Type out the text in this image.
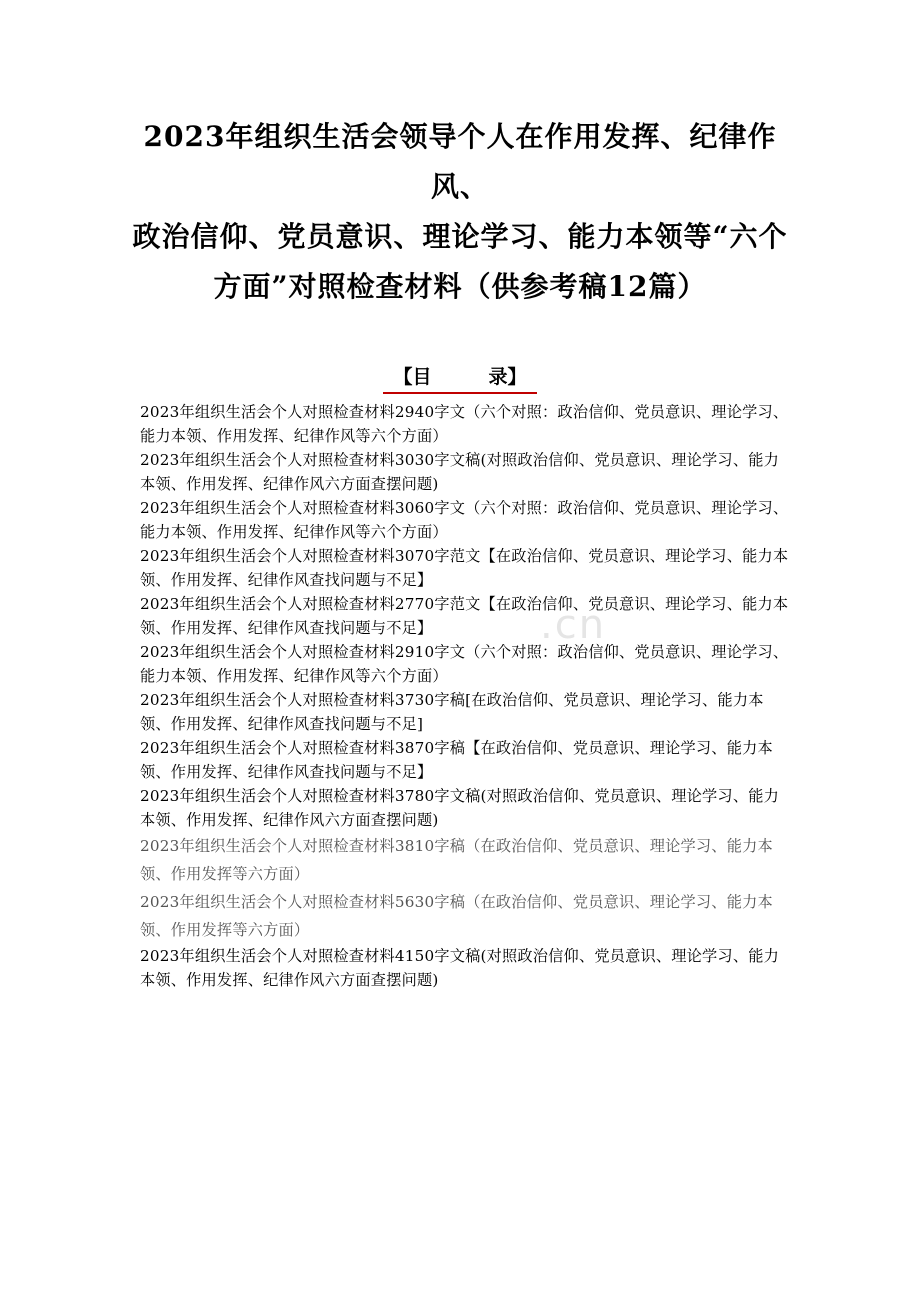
2023年组织生活会领导个人在作用发挥、纪律作风、
政治信仰、党员意识、理论学习、能力本领等“六个
方面”对照检查材料（供参考稿12篇）
【目　　　录】
2023年组织生活会个人对照检查材料2940字文（六个对照：政治信仰、党员意识、理论学习、能力本领、作用发挥、纪律作风等六个方面）
2023年组织生活会个人对照检查材料3030字文稿(对照政治信仰、党员意识、理论学习、能力本领、作用发挥、纪律作风六方面查摆问题)
2023年组织生活会个人对照检查材料3060字文（六个对照：政治信仰、党员意识、理论学习、能力本领、作用发挥、纪律作风等六个方面）
2023年组织生活会个人对照检查材料3070字范文【在政治信仰、党员意识、理论学习、能力本领、作用发挥、纪律作风查找问题与不足】
2023年组织生活会个人对照检查材料2770字范文【在政治信仰、党员意识、理论学习、能力本领、作用发挥、纪律作风查找问题与不足】
2023年组织生活会个人对照检查材料2910字文（六个对照：政治信仰、党员意识、理论学习、能力本领、作用发挥、纪律作风等六个方面）
2023年组织生活会个人对照检查材料3730字稿[在政治信仰、党员意识、理论学习、能力本领、作用发挥、纪律作风查找问题与不足]
2023年组织生活会个人对照检查材料3870字稿【在政治信仰、党员意识、理论学习、能力本领、作用发挥、纪律作风查找问题与不足】
2023年组织生活会个人对照检查材料3780字文稿(对照政治信仰、党员意识、理论学习、能力本领、作用发挥、纪律作风六方面查摆问题)
2023年组织生活会个人对照检查材料3810字稿（在政治信仰、党员意识、理论学习、能力本领、作用发挥等六方面）
2023年组织生活会个人对照检查材料5630字稿（在政治信仰、党员意识、理论学习、能力本领、作用发挥等六方面）
2023年组织生活会个人对照检查材料4150字文稿(对照政治信仰、党员意识、理论学习、能力本领、作用发挥、纪律作风六方面查摆问题)
.cn
